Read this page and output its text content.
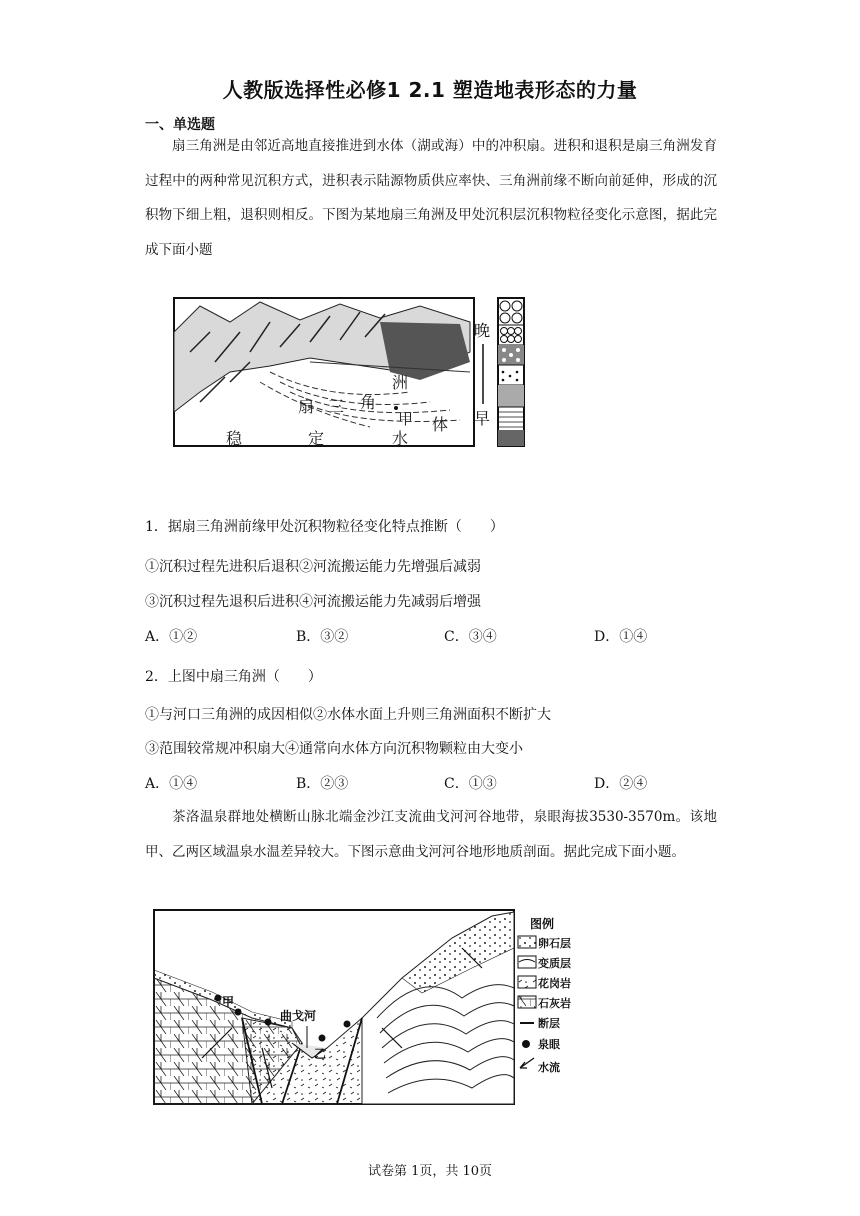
人教版选择性必修1 2.1 塑造地表形态的力量
一、单选题
扇三角洲是由邻近高地直接推进到水体（湖或海）中的冲积扇。进积和退积是扇三角洲发育过程中的两种常见沉积方式，进积表示陆源物质供应率快、三角洲前缘不断向前延伸，形成的沉积物下细上粗，退积则相反。下图为某地扇三角洲及甲处沉积层沉积物粒径变化示意图，据此完成下面小题
扇 三 角
洲
甲 体
水
稳	定
晚
早
1．据扇三角洲前缘甲处沉积物粒径变化特点推断（　　）
①沉积过程先进积后退积②河流搬运能力先增强后减弱
③沉积过程先退积后进积④河流搬运能力先减弱后增强
A．①②	B．③②	C．③④	D．①④
2．上图中扇三角洲（　　）
①与河口三角洲的成因相似②水体水面上升则三角洲面积不断扩大
③范围较常规冲积扇大④通常向水体方向沉积物颗粒由大变小
A．①④	B．②③	C．①③	D．②④
茶洛温泉群地处横断山脉北端金沙江支流曲戈河河谷地带，泉眼海拔3530-3570m。该地甲、乙两区域温泉水温差异较大。下图示意曲戈河河谷地形地质剖面。据此完成下面小题。
曲戈河
甲
乙
图例
卵石层
变质层
花岗岩
石灰岩
断层
泉眼
水流
试卷第 1页，共 10页
